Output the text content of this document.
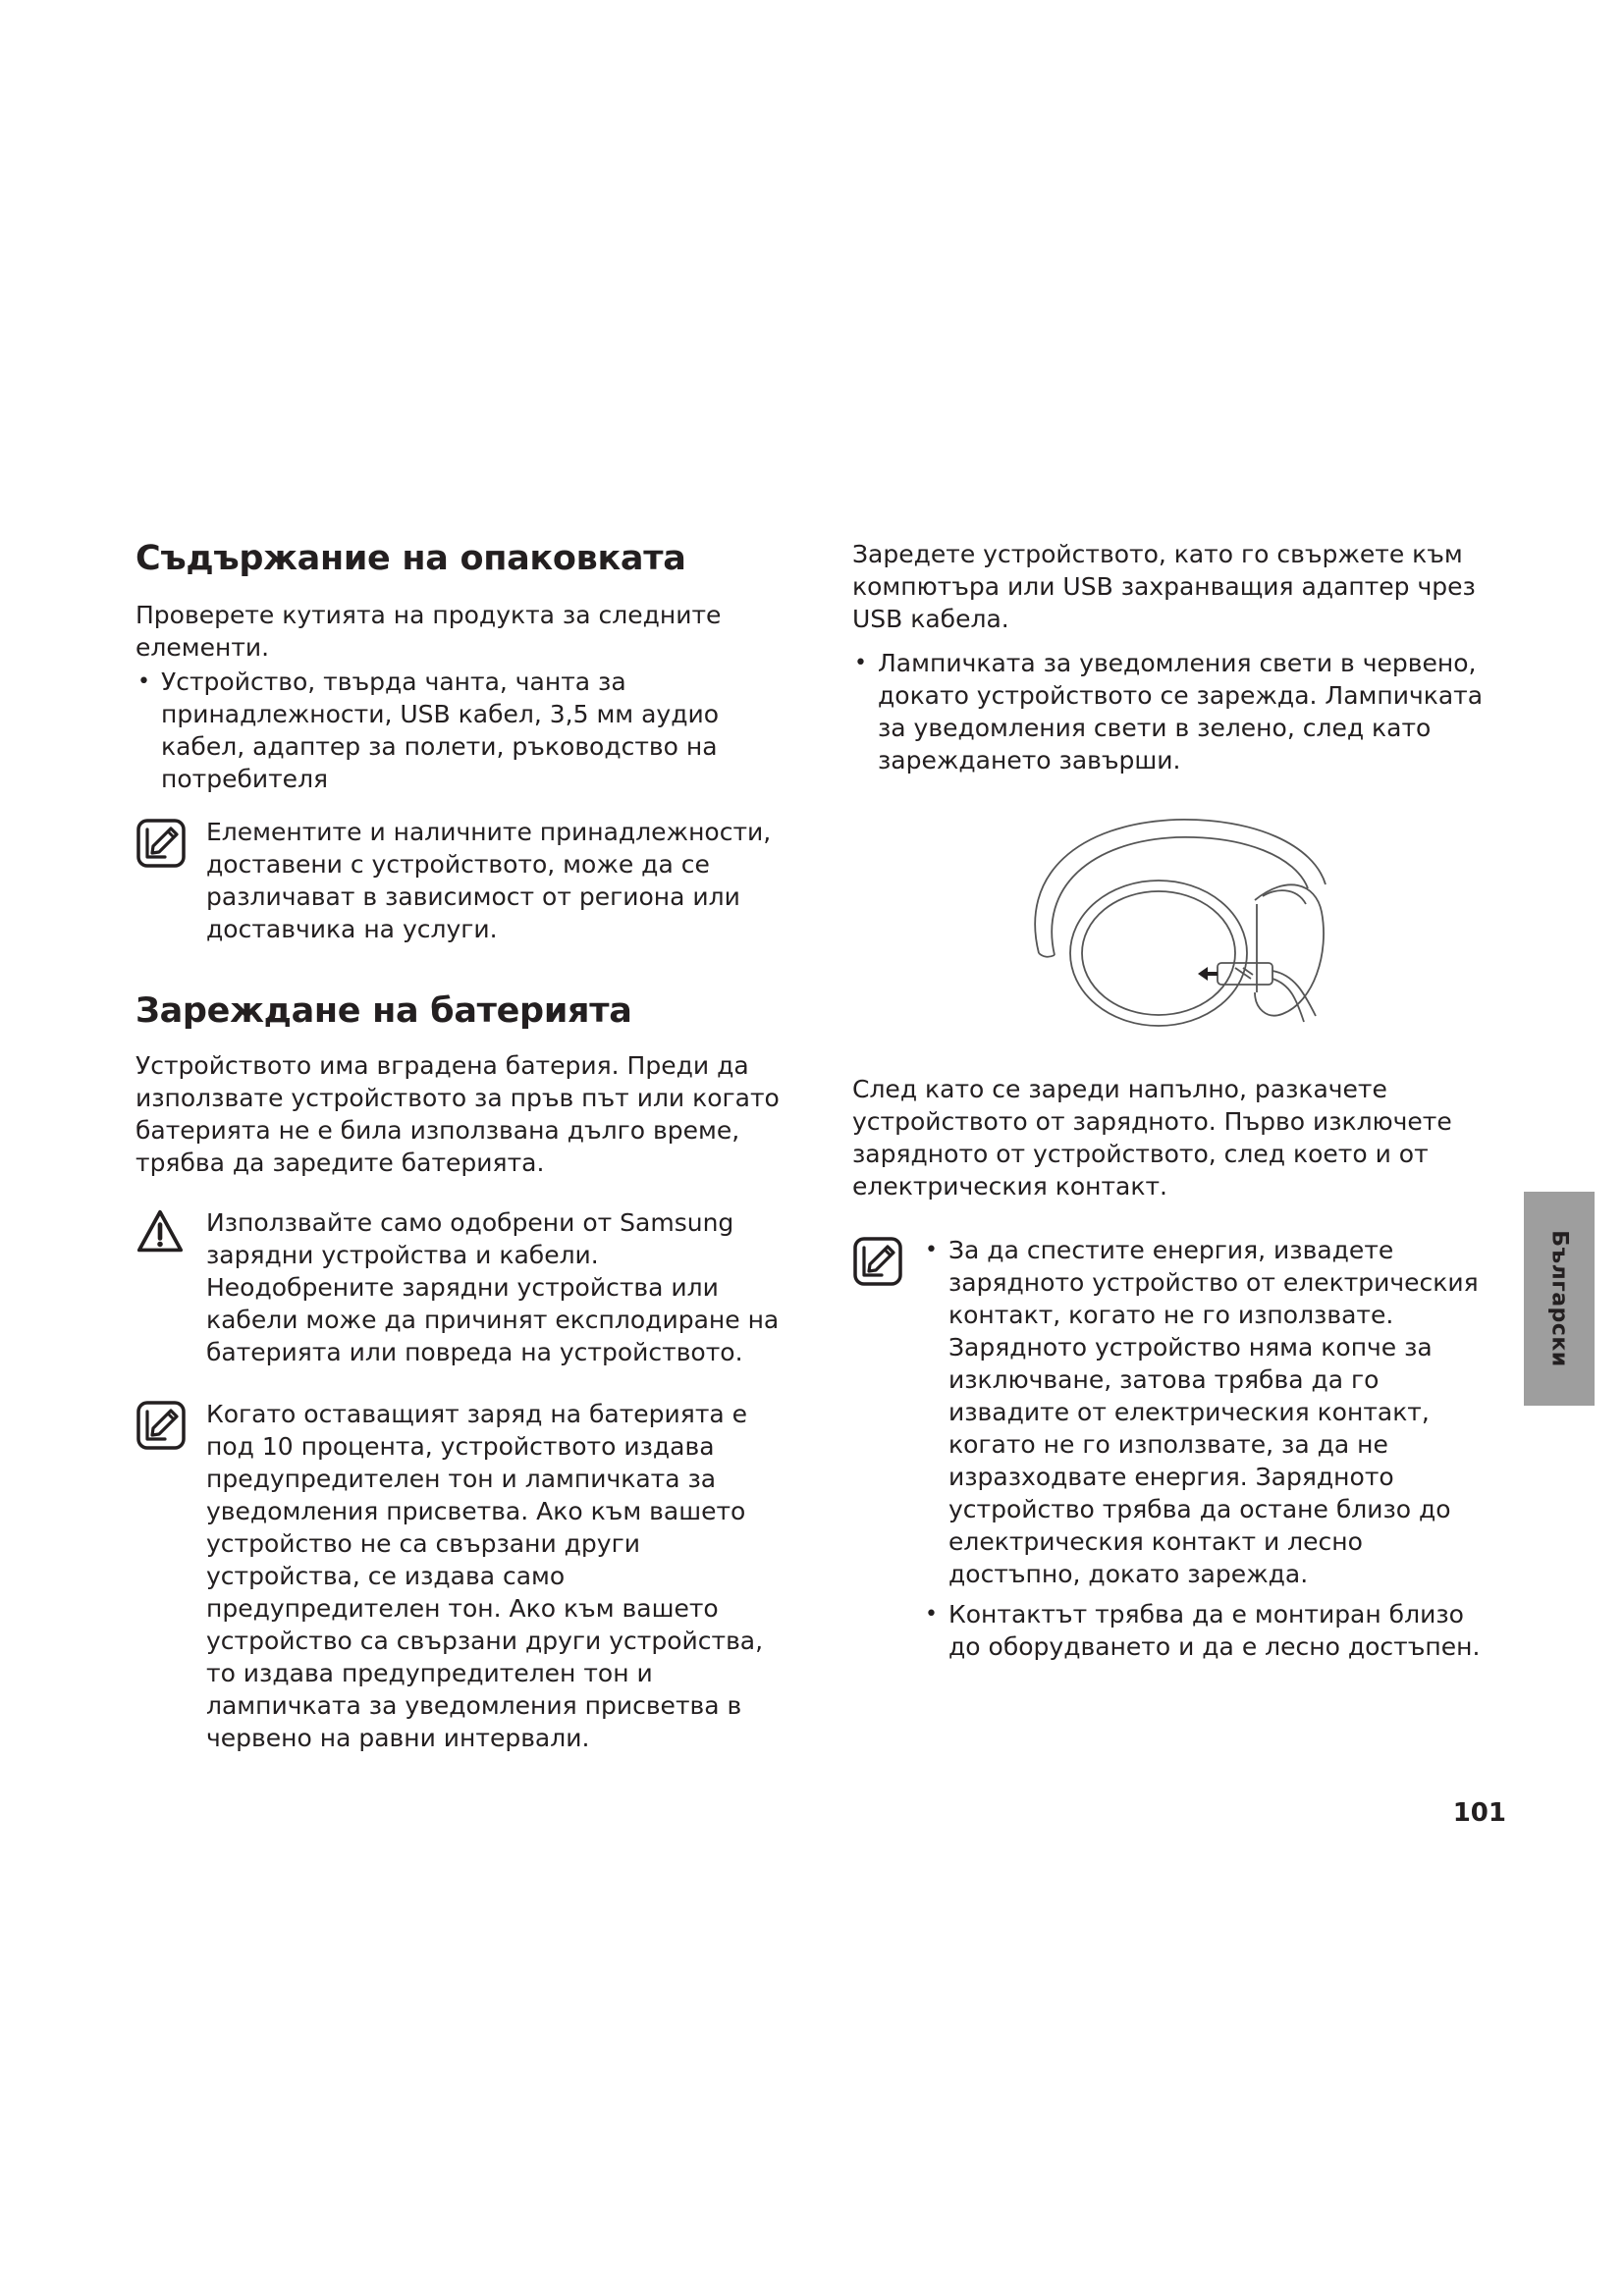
Съдържание на опаковката

Проверете кутията на продукта за следните елементи.

• Устройство, твърда чанта, чанта за принадлежности, USB кабел, 3,5 мм аудио кабел, адаптер за полети, ръководство на потребителя

Елементите и наличните принадлежности, доставени с устройството, може да се различават в зависимост от региона или доставчика на услуги.

Зареждане на батерията

Устройството има вградена батерия. Преди да използвате устройството за пръв път или когато батерията не е била използвана дълго време, трябва да заредите батерията.

Използвайте само одобрени от Samsung зарядни устройства и кабели. Неодобрените зарядни устройства или кабели може да причинят експлодиране на батерията или повреда на устройството.

Когато оставащият заряд на батерията е под 10 процента, устройството издава предупредителен тон и лампичката за уведомления присветва. Ако към вашето устройство не са свързани други устройства, се издава само предупредителен тон. Ако към вашето устройство са свързани други устройства, то издава предупредителен тон и лампичката за уведомления присветва в червено на равни интервали.

Заредете устройството, като го свържете към компютъра или USB захранващия адаптер чрез USB кабела.

• Лампичката за уведомления свети в червено, докато устройството се зарежда. Лампичката за уведомления свети в зелено, след като зареждането завърши.

След като се зареди напълно, разкачете устройството от зарядното. Първо изключете зарядното от устройството, след което и от електрическия контакт.

• За да спестите енергия, извадете зарядното устройство от електрическия контакт, когато не го използвате. Зарядното устройство няма копче за изключване, затова трябва да го извадите от електрическия контакт, когато не го използвате, за да не изразходвате енергия. Зарядното устройство трябва да остане близо до електрическия контакт и лесно достъпно, докато зарежда.
• Контактът трябва да е монтиран близо до оборудването и да е лесно достъпен.
Български
101
